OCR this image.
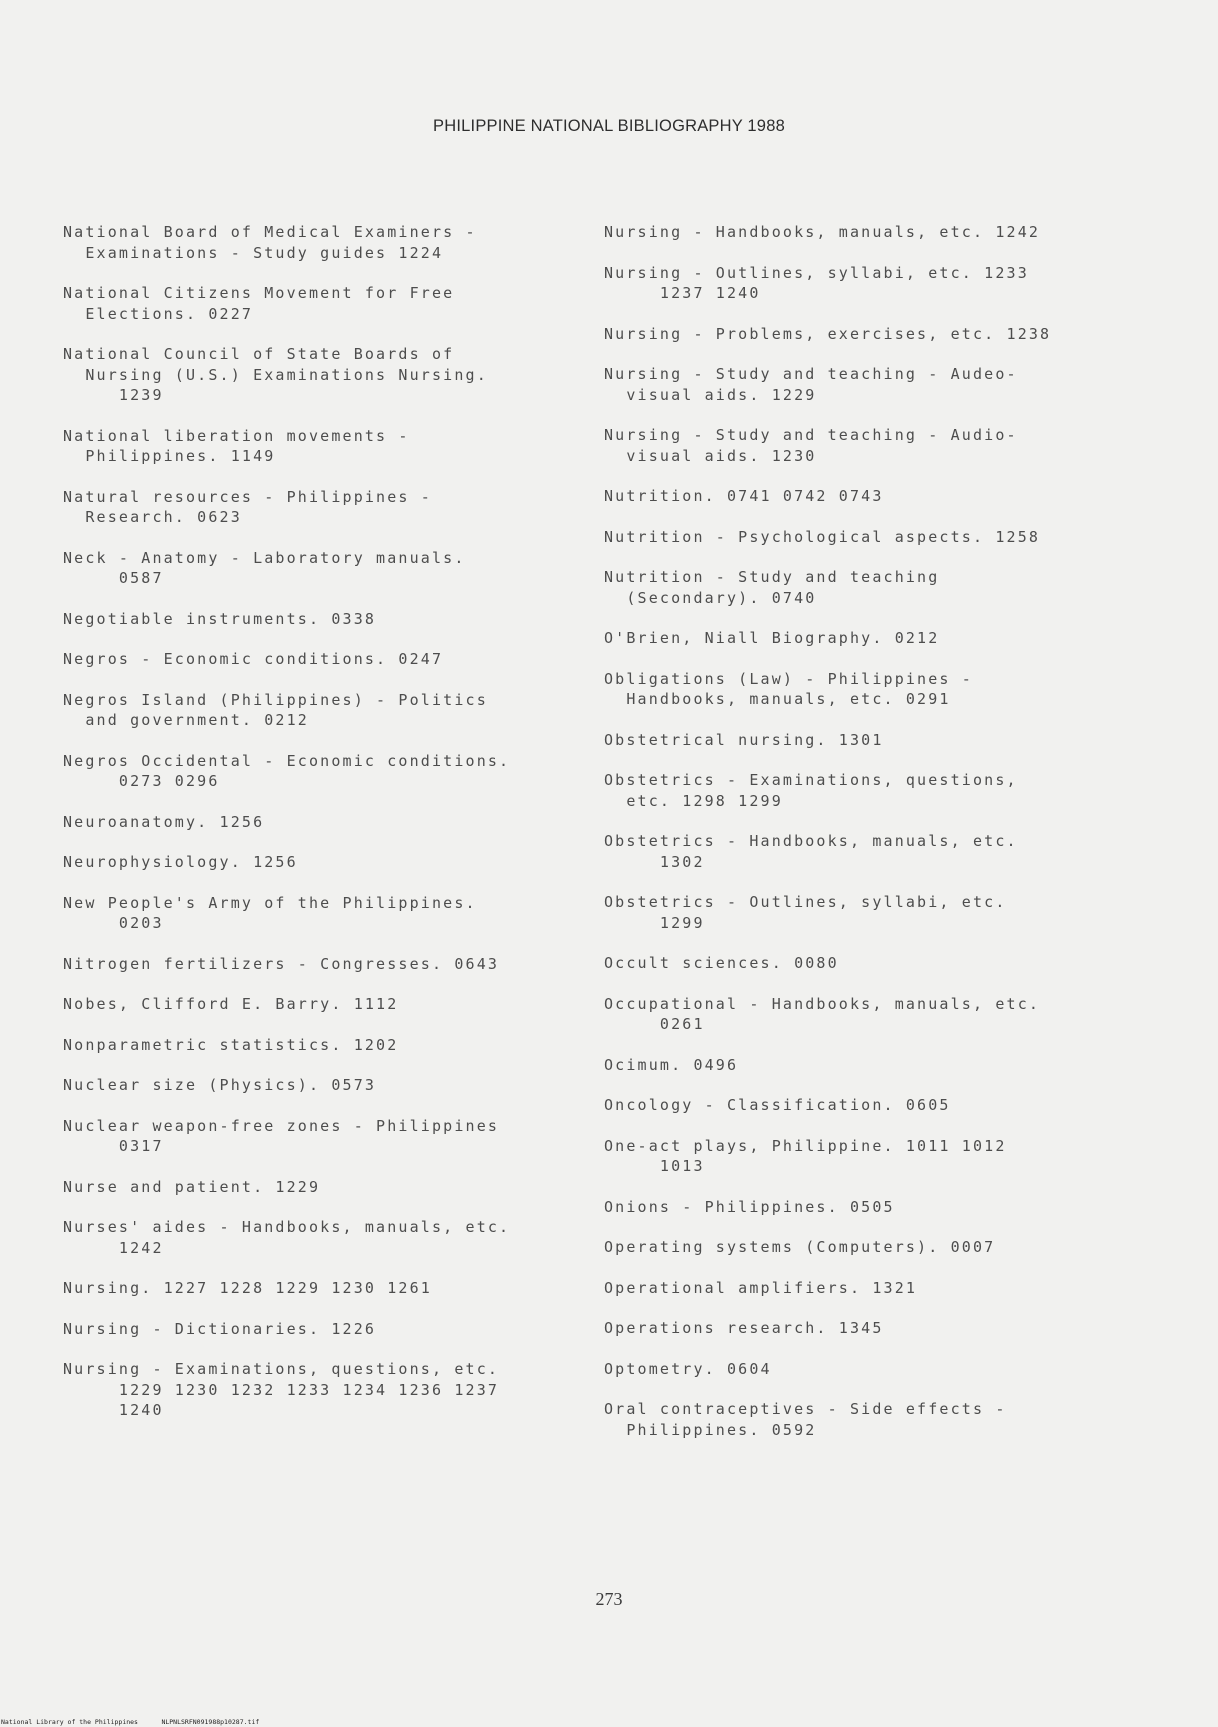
PHILIPPINE NATIONAL BIBLIOGRAPHY 1988
National Board of Medical Examiners -
Examinations - Study guides 1224
National Citizens Movement for Free
Elections. 0227
National Council of State Boards of
Nursing (U.S.) Examinations Nursing.
1239
National liberation movements -
Philippines. 1149
Natural resources - Philippines -
Research. 0623
Neck - Anatomy - Laboratory manuals.
0587
Negotiable instruments. 0338
Negros - Economic conditions. 0247
Negros Island (Philippines) - Politics
and government. 0212
Negros Occidental - Economic conditions.
0273 0296
Neuroanatomy. 1256
Neurophysiology. 1256
New People's Army of the Philippines.
0203
Nitrogen fertilizers - Congresses. 0643
Nobes, Clifford E. Barry. 1112
Nonparametric statistics. 1202
Nuclear size (Physics). 0573
Nuclear weapon-free zones - Philippines
0317
Nurse and patient. 1229
Nurses' aides - Handbooks, manuals, etc.
1242
Nursing. 1227 1228 1229 1230 1261
Nursing - Dictionaries. 1226
Nursing - Examinations, questions, etc.
1229 1230 1232 1233 1234 1236 1237
1240
Nursing - Handbooks, manuals, etc. 1242
Nursing - Outlines, syllabi, etc. 1233
1237 1240
Nursing - Problems, exercises, etc. 1238
Nursing - Study and teaching - Audeo-
visual aids. 1229
Nursing - Study and teaching - Audio-
visual aids. 1230
Nutrition. 0741 0742 0743
Nutrition - Psychological aspects. 1258
Nutrition - Study and teaching
(Secondary). 0740
O'Brien, Niall Biography. 0212
Obligations (Law) - Philippines -
Handbooks, manuals, etc. 0291
Obstetrical nursing. 1301
Obstetrics - Examinations, questions,
etc. 1298 1299
Obstetrics - Handbooks, manuals, etc.
1302
Obstetrics - Outlines, syllabi, etc.
1299
Occult sciences. 0080
Occupational - Handbooks, manuals, etc.
0261
Ocimum. 0496
Oncology - Classification. 0605
One-act plays, Philippine. 1011 1012
1013
Onions - Philippines. 0505
Operating systems (Computers). 0007
Operational amplifiers. 1321
Operations research. 1345
Optometry. 0604
Oral contraceptives - Side effects -
Philippines. 0592
273
National Library of the Philippines      NLPNLSRFN091988p10287.tif
